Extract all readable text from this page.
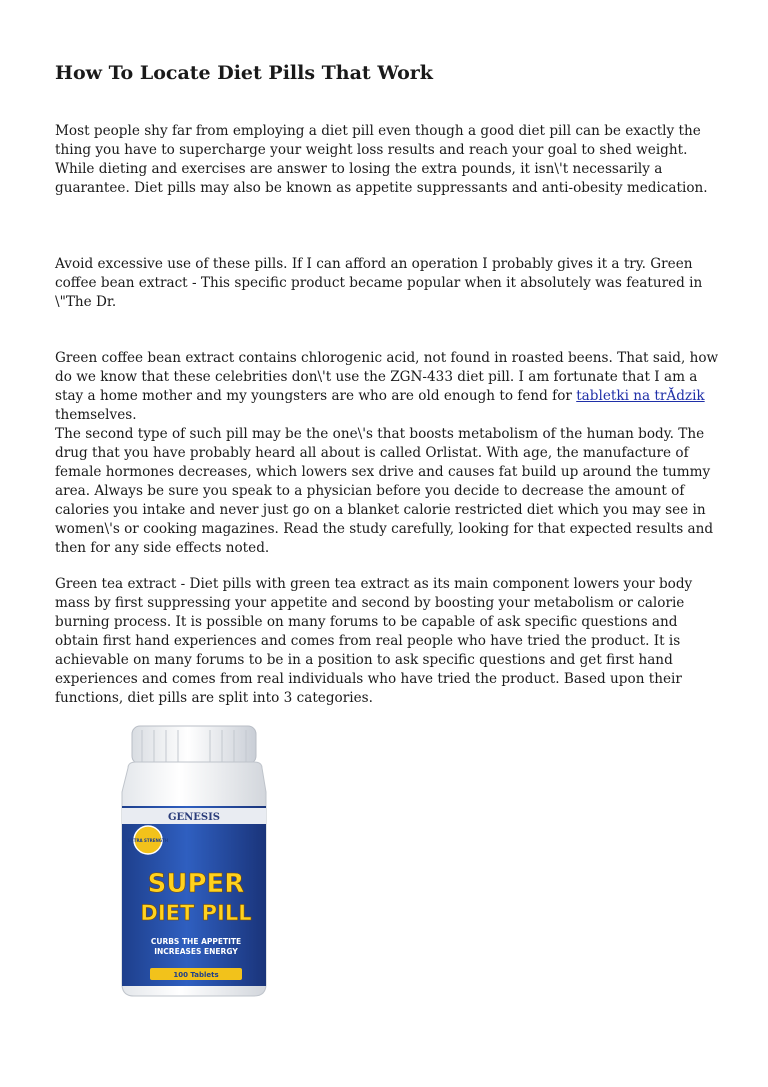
How To Locate Diet Pills That Work

Most people shy far from employing a diet pill even though a good diet pill can be exactly the thing you have to supercharge your weight loss results and reach your goal to shed weight. While dieting and exercises are answer to losing the extra pounds, it isn\'t necessarily a guarantee. Diet pills may also be known as appetite suppressants and anti-obesity medication.

Avoid excessive use of these pills. If I can afford an operation I probably gives it a try. Green coffee bean extract - This specific product became popular when it absolutely was featured in \"The Dr.

Green coffee bean extract contains chlorogenic acid, not found in roasted beens. That said, how do we know that these celebrities don\'t use the ZGN-433 diet pill. I am fortunate that I am a stay a home mother and my youngsters are who are old enough to fend for tabletki na trĂdzik themselves.

The second type of such pill may be the one\'s that boosts metabolism of the human body. The drug that you have probably heard all about is called Orlistat. With age, the manufacture of female hormones decreases, which lowers sex drive and causes fat build up around the tummy area. Always be sure you speak to a physician before you decide to decrease the amount of calories you intake and never just go on a blanket calorie restricted diet which you may see in women\'s or cooking magazines. Read the study carefully, looking for that expected results and then for any side effects noted.

Green tea extract - Diet pills with green tea extract as its main component lowers your body mass by first suppressing your appetite and second by boosting your metabolism or calorie burning process. It is possible on many forums to be capable of ask specific questions and obtain first hand experiences and comes from real people who have tried the product. It is achievable on many forums to be in a position to ask specific questions and get first hand experiences and comes from real individuals who have tried the product. Based upon their functions, diet pills are split into 3 categories.

GENESIS
EXTRA STRENGTH
SUPER
DIET PILL
CURBS THE APPETITE
INCREASES ENERGY
100 Tablets
